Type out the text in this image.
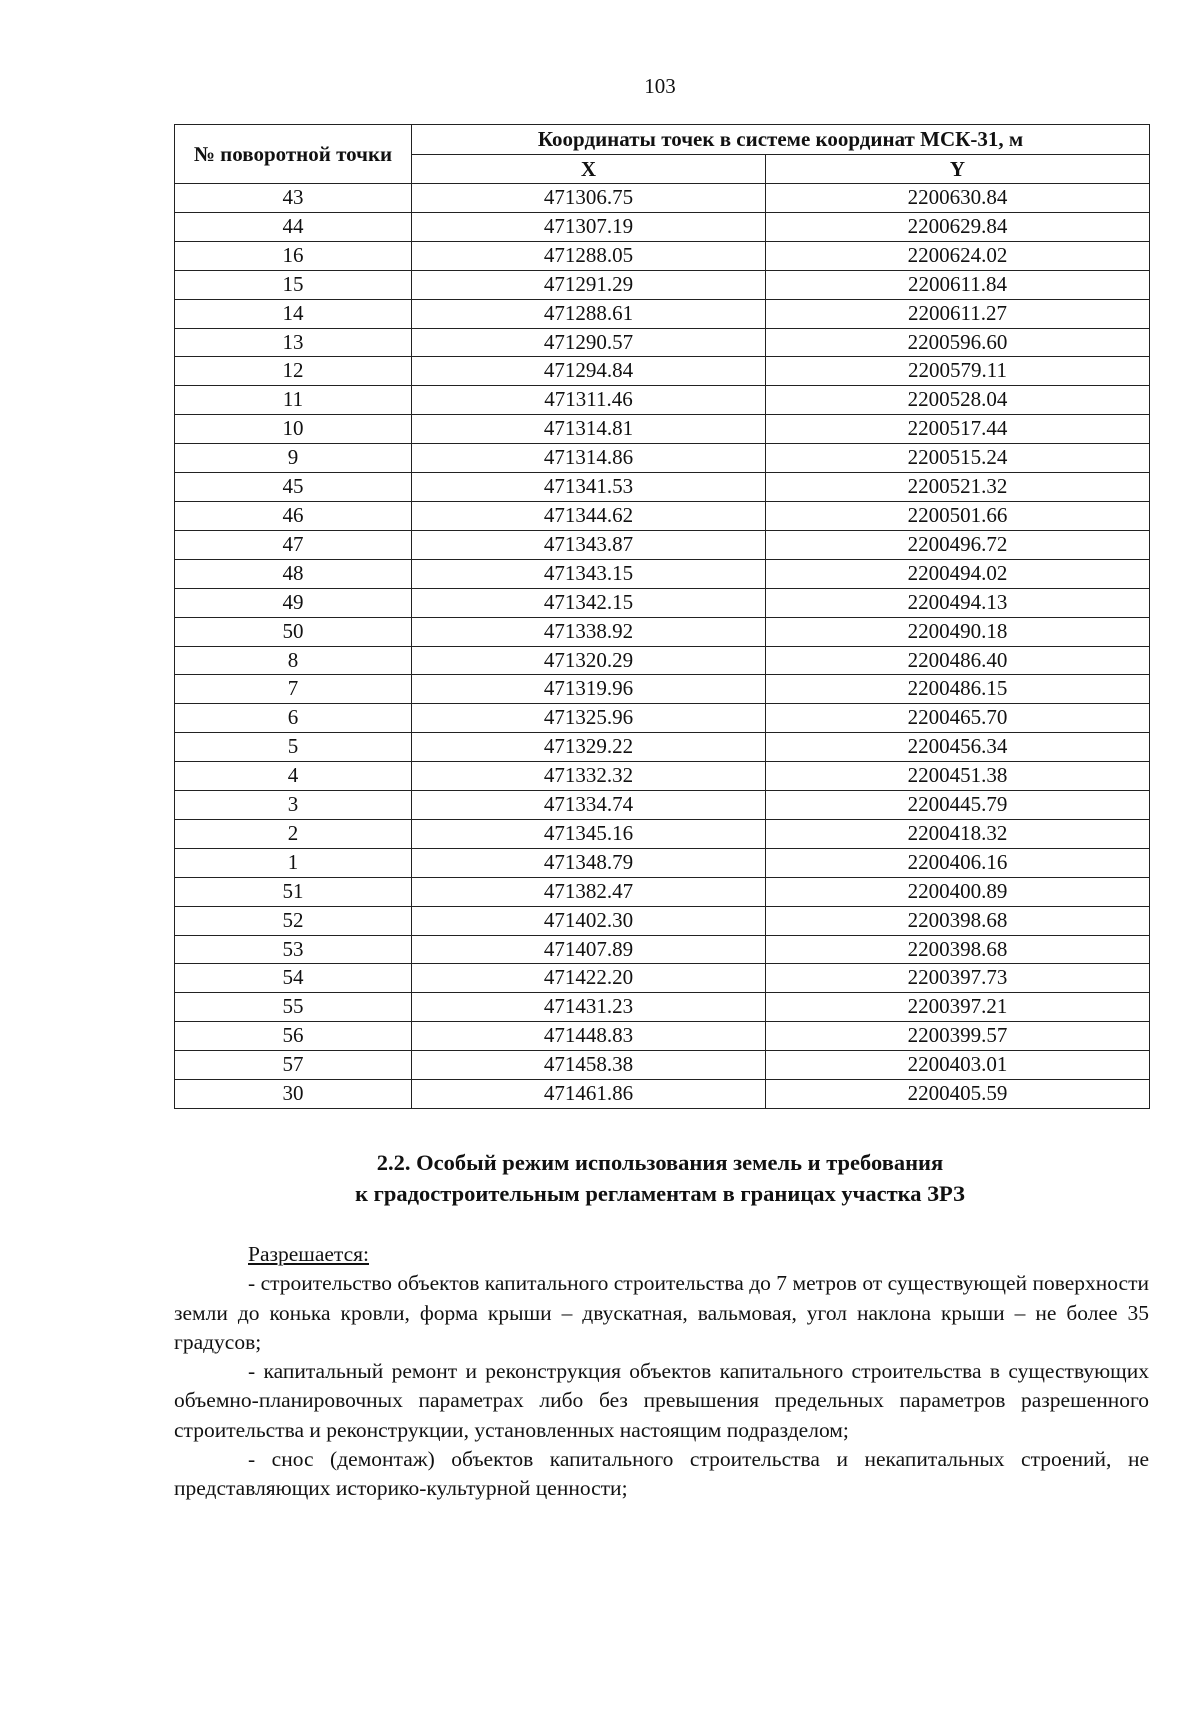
103
№ поворотной точки	Координаты точек в системе координат МСК-31, м	
	X	Y
43	471306.75	2200630.84
44	471307.19	2200629.84
16	471288.05	2200624.02
15	471291.29	2200611.84
14	471288.61	2200611.27
13	471290.57	2200596.60
12	471294.84	2200579.11
11	471311.46	2200528.04
10	471314.81	2200517.44
9	471314.86	2200515.24
45	471341.53	2200521.32
46	471344.62	2200501.66
47	471343.87	2200496.72
48	471343.15	2200494.02
49	471342.15	2200494.13
50	471338.92	2200490.18
8	471320.29	2200486.40
7	471319.96	2200486.15
6	471325.96	2200465.70
5	471329.22	2200456.34
4	471332.32	2200451.38
3	471334.74	2200445.79
2	471345.16	2200418.32
1	471348.79	2200406.16
51	471382.47	2200400.89
52	471402.30	2200398.68
53	471407.89	2200398.68
54	471422.20	2200397.73
55	471431.23	2200397.21
56	471448.83	2200399.57
57	471458.38	2200403.01
30	471461.86	2200405.59
2.2. Особый режим использования земель и требования
к градостроительным регламентам в границах участка ЗРЗ
Разрешается:

- строительство объектов капитального строительства до 7 метров от существующей поверхности земли до конька кровли, форма крыши – двускатная, вальмовая, угол наклона крыши – не более 35 градусов;

- капитальный ремонт и реконструкция объектов капитального строительства в существующих объемно-планировочных параметрах либо без превышения предельных параметров разрешенного строительства и реконструкции, установленных настоящим подразделом;

- снос (демонтаж) объектов капитального строительства и некапитальных строений, не представляющих историко-культурной ценности;
